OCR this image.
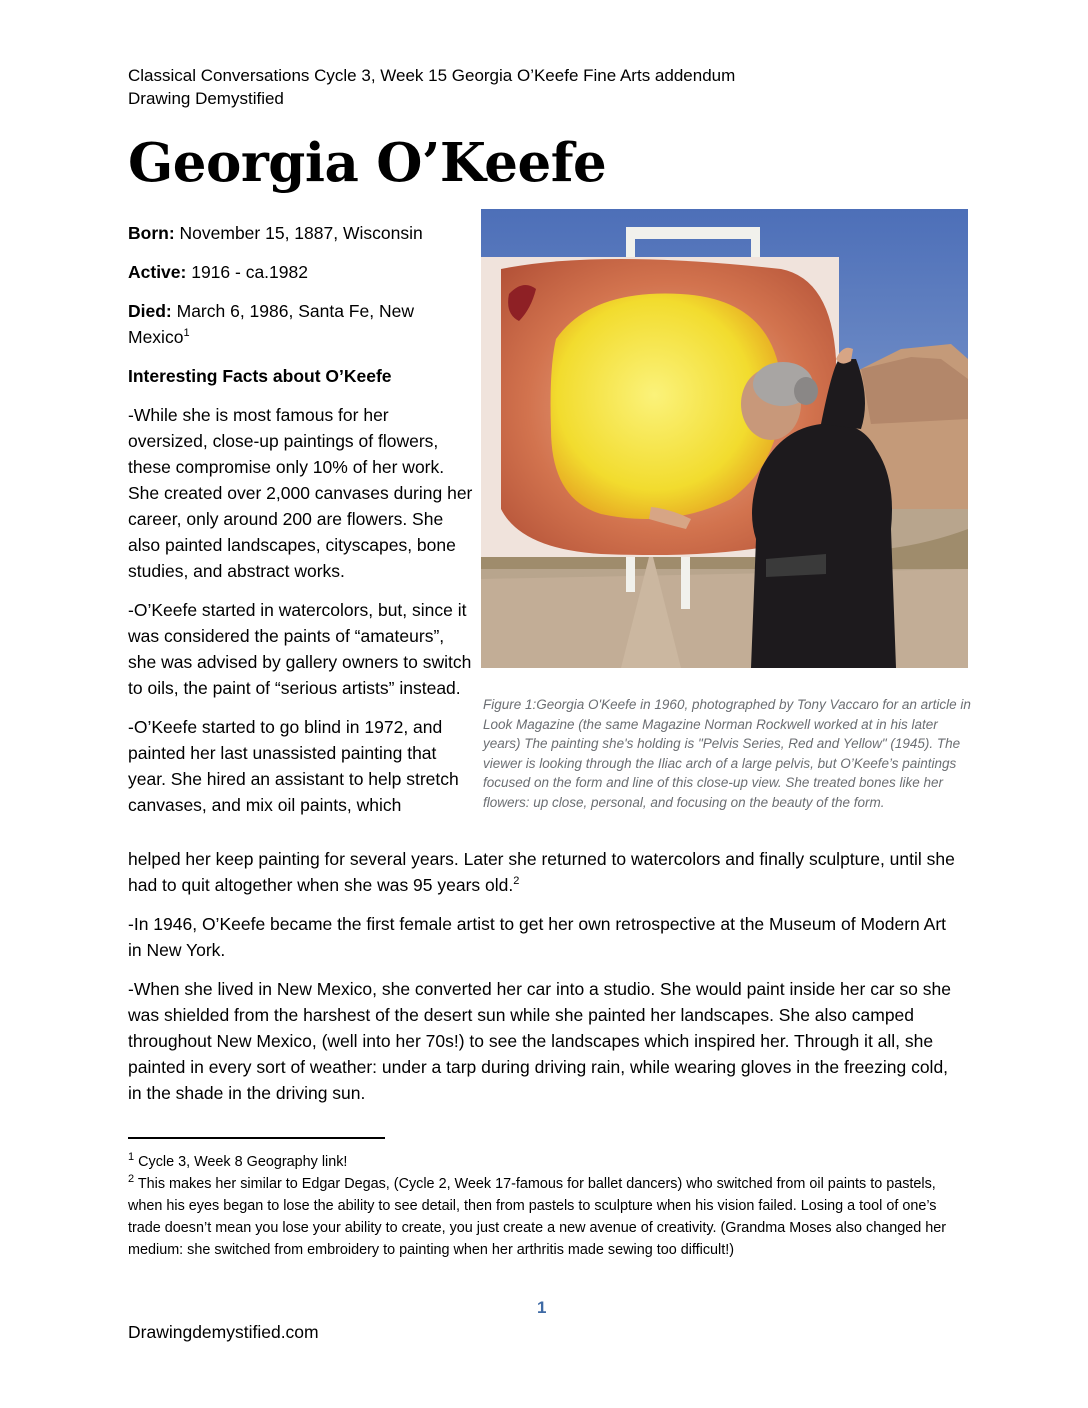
Classical Conversations Cycle 3, Week 15 Georgia O’Keefe Fine Arts addendum
Drawing Demystified
Georgia O’Keefe

Born: November 15, 1887, Wisconsin

Active: 1916 - ca.1982

Died: March 6, 1986, Santa Fe, New Mexico$^1$

Interesting Facts about O’Keefe

-While she is most famous for her oversized, close-up paintings of flowers, these compromise only 10% of her work. She created over 2,000 canvases during her career, only around 200 are flowers. She also painted landscapes, cityscapes, bone studies, and abstract works.

-O’Keefe started in watercolors, but, since it was considered the paints of “amateurs”, she was advised by gallery owners to switch to oils, the paint of “serious artists” instead.

-O’Keefe started to go blind in 1972, and painted her last unassisted painting that year. She hired an assistant to help stretch canvases, and mix oil paints, which

Figure 1:Georgia O'Keefe in 1960, photographed by Tony Vaccaro for an article in Look Magazine (the same Magazine Norman Rockwell worked at in his later years) The painting she's holding is "Pelvis Series, Red and Yellow" (1945). The viewer is looking through the Iliac arch of a large pelvis, but O’Keefe’s paintings focused on the form and line of this close-up view. She treated bones like her flowers: up close, personal, and focusing on the beauty of the form.

helped her keep painting for several years. Later she returned to watercolors and finally sculpture, until she had to quit altogether when she was 95 years old.$^2$

-In 1946, O’Keefe became the first female artist to get her own retrospective at the Museum of Modern Art in New York.

-When she lived in New Mexico, she converted her car into a studio. She would paint inside her car so she was shielded from the harshest of the desert sun while she painted her landscapes. She also camped throughout New Mexico, (well into her 70s!) to see the landscapes which inspired her. Through it all, she painted in every sort of weather: under a tarp during driving rain, while wearing gloves in the freezing cold, in the shade in the driving sun.

$^1$ Cycle 3, Week 8 Geography link!

$^2$ This makes her similar to Edgar Degas, (Cycle 2, Week 17-famous for ballet dancers) who switched from oil paints to pastels, when his eyes began to lose the ability to see detail, then from pastels to sculpture when his vision failed. Losing a tool of one’s trade doesn’t mean you lose your ability to create, you just create a new avenue of creativity. (Grandma Moses also changed her medium: she switched from embroidery to painting when her arthritis made sewing too difficult!)

1
Drawingdemystified.com
